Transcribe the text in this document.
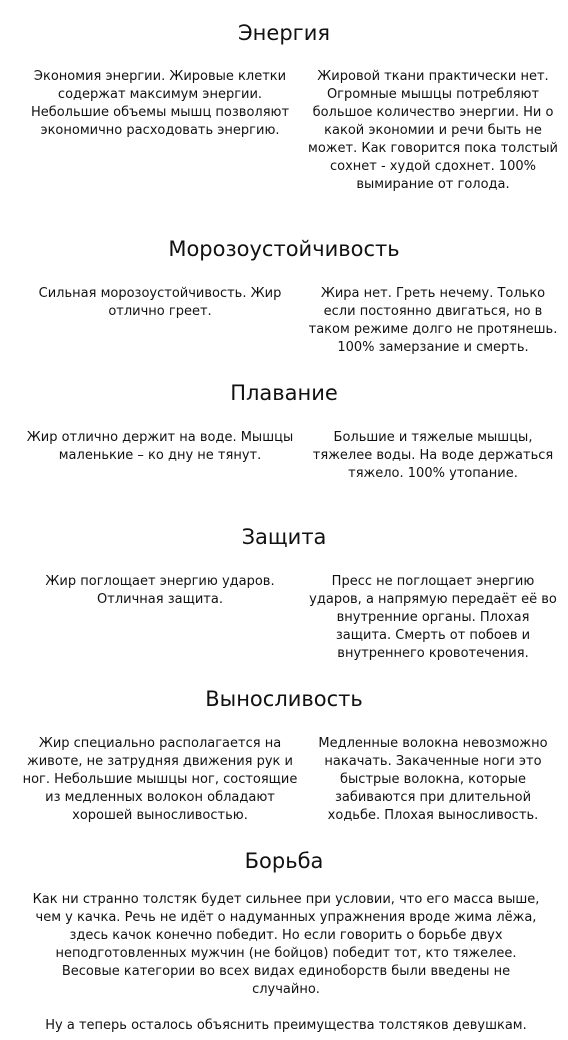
Энергия

Экономия энергии. Жировые клетки содержат максимум энергии. Небольшие объемы мышц позволяют экономично расходовать энергию.

Жировой ткани практически нет. Огромные мышцы потребляют большое количество энергии. Ни о какой экономии и речи быть не может. Как говорится пока толстый сохнет - худой сдохнет. 100% вымирание от голода.

Морозоустойчивость

Сильная морозоустойчивость. Жир отлично греет.

Жира нет. Греть нечему. Только если постоянно двигаться, но в таком режиме долго не протянешь. 100% замерзание и смерть.

Плавание

Жир отлично держит на воде. Мышцы маленькие – ко дну не тянут.

Большие и тяжелые мышцы, тяжелее воды. На воде держаться тяжело. 100% утопание.

Защита

Жир поглощает энергию ударов. Отличная защита.

Пресс не поглощает энергию ударов, а напрямую передаёт её во внутренние органы. Плохая защита. Смерть от побоев и внутреннего кровотечения.

Выносливость

Жир специально располагается на животе, не затрудняя движения рук и ног. Небольшие мышцы ног, состоящие из медленных волокон обладают хорошей выносливостью.

Медленные волокна невозможно накачать. Закаченные ноги это быстрые волокна, которые забиваются при длительной ходьбе. Плохая выносливость.

Борьба

Как ни странно толстяк будет сильнее при условии, что его масса выше, чем у качка. Речь не идёт о надуманных упражнения вроде жима лёжа, здесь качок конечно победит. Но если говорить о борьбе двух неподготовленных мужчин (не бойцов) победит тот, кто тяжелее. Весовые категории во всех видах единоборств были введены не случайно.

Ну а теперь осталось объяснить преимущества толстяков девушкам.
